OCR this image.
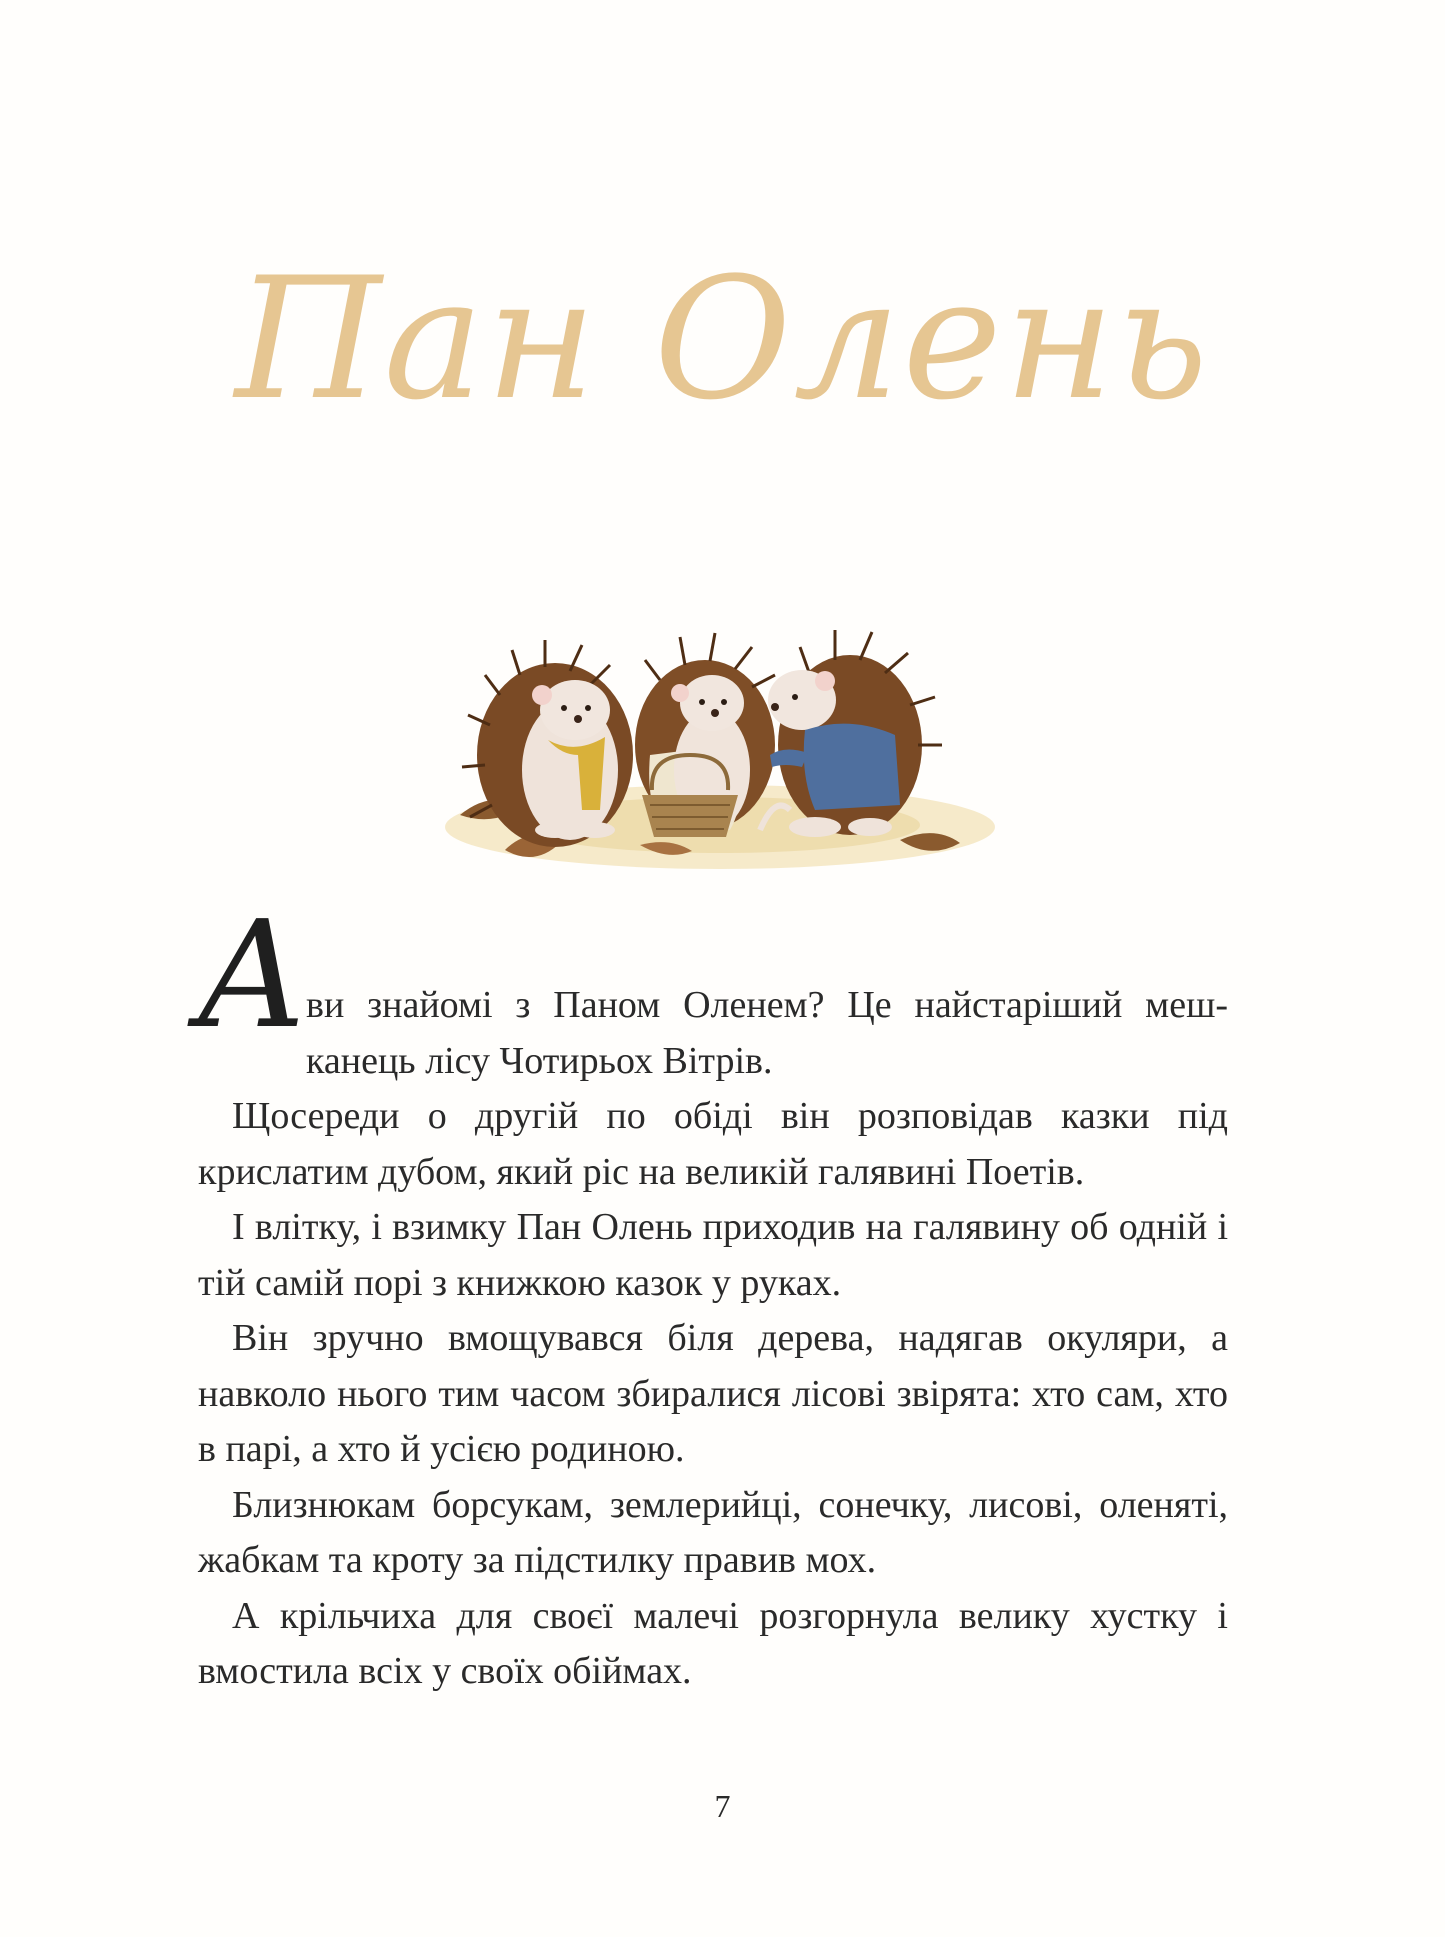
Пан Олень
А

ви знайомі з Паном Оленем? Це найстаріший мешканець лісу Чотирьох Вітрів.

Щосереди о другій по обіді він розповідав казки під крислатим дубом, який ріс на великій галявині Поетів.

І влітку, і взимку Пан Олень приходив на галявину об одній і тій самій порі з книжкою казок у руках.

Він зручно вмощувався біля дерева, надягав окуляри, а навколо нього тим часом збиралися лісові звірята: хто сам, хто в парі, а хто й усією родиною.

Близнюкам борсукам, землерийці, сонечку, лисові, оленяті, жабкам та кроту за підстилку правив мох.

А крільчиха для своєї малечі розгорнула велику хустку і вмостила всіх у своїх обіймах.

7
